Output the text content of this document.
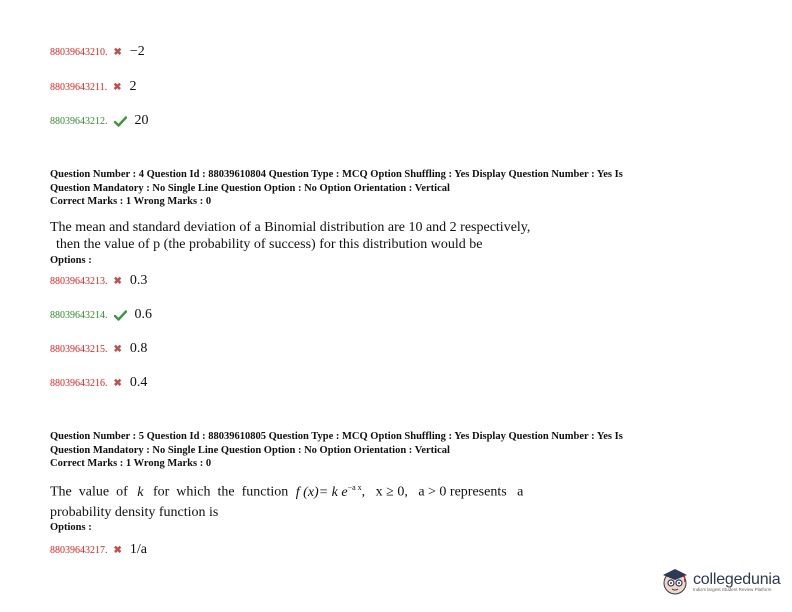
88039643210. ✖ −2
88039643211. ✖ 2
88039643212. 20
Question Number : 4 Question Id : 88039610804 Question Type : MCQ Option Shuffling : Yes Display Question Number : Yes Is
Question Mandatory : No Single Line Question Option : No Option Orientation : Vertical
Correct Marks : 1 Wrong Marks : 0
The mean and standard deviation of a Binomial distribution are 10 and 2 respectively,
then the value of p (the probability of success) for this distribution would be
Options :
88039643213. ✖ 0.3
88039643214. 0.6
88039643215. ✖ 0.8
88039643216. ✖ 0.4
Question Number : 5 Question Id : 88039610805 Question Type : MCQ Option Shuffling : Yes Display Question Number : Yes Is
Question Mandatory : No Single Line Question Option : No Option Orientation : Vertical
Correct Marks : 1 Wrong Marks : 0
The  value  of k for  which  the  function f (x)= k $e^{-a x}$,   x ≥ 0,   a > 0 represents   a
probability density function is
Options :
88039643217. ✖ 1/a
collegedunia
India's largest Student Review Platform
